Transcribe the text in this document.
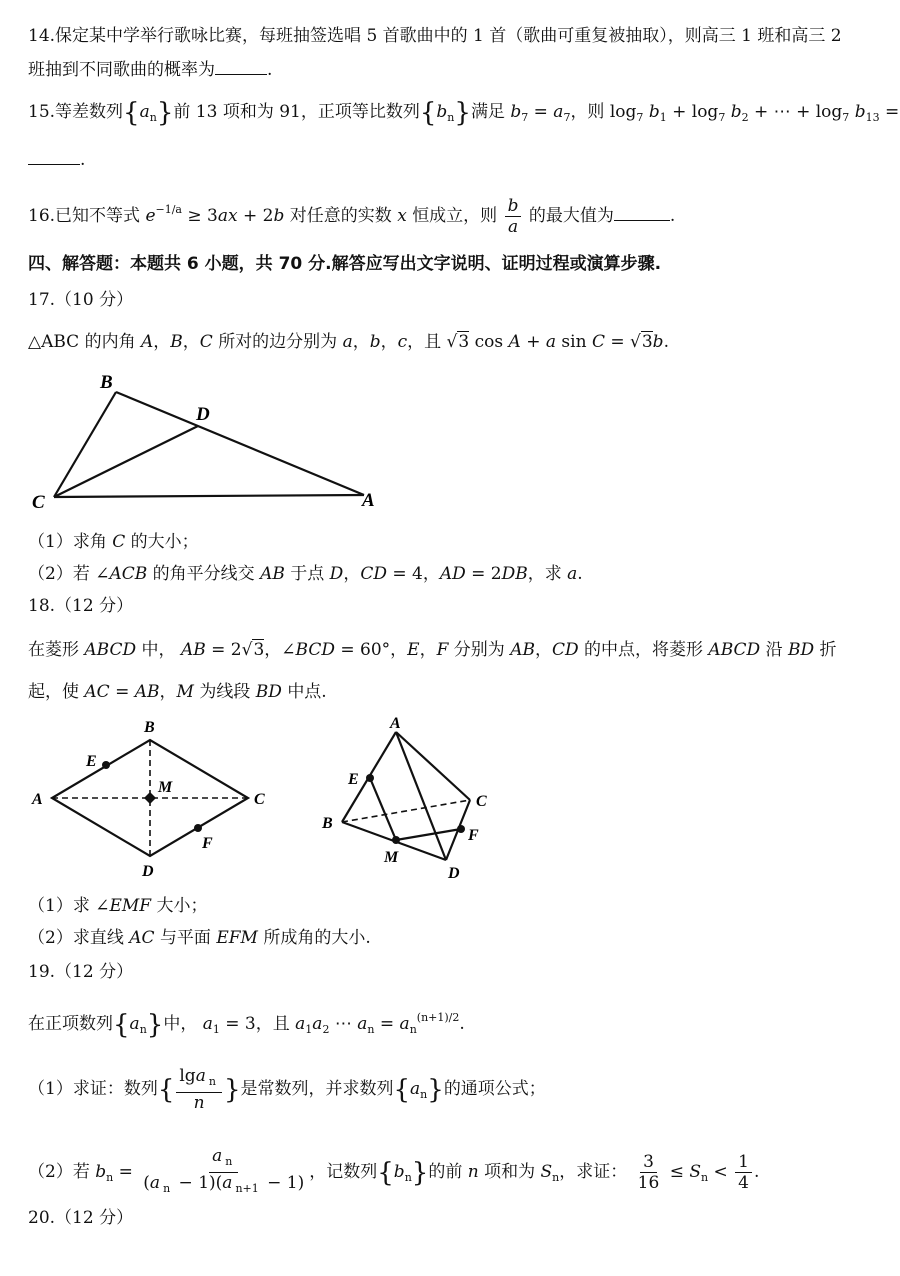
14.保定某中学举行歌咏比赛，每班抽签选唱 5 首歌曲中的 1 首（歌曲可重复被抽取），则高三 1 班和高三 2
班抽到不同歌曲的概率为	.
15.等差数列$\{a_n\}$前 13 项和为 91，正项等比数列$\{b_n\}$满足 $b_7 = a_7$，则 $\log_7 b_1 + \log_7 b_2$ + ⋯ + $\log_7 b_{13}$ =
.
16.已知不等式 $e^{-1/a} \ge 3ax + 2b$ 对任意的实数 x 恒成立，则 $\frac{b}{a}$ 的最大值为	.
四、解答题：本题共 6 小题，共 70 分.解答应写出文字说明、证明过程或演算步骤.
17.（10 分）
△ABC 的内角 A，B，C 所对的边分别为 a，b，c，且 √3 cos A + a sin C = √3b.
B
D
C	A
（1）求角 C 的大小；
（2）若 ∠ACB 的角平分线交 AB 于点 D，CD = 4，AD = 2DB，求 a.
18.（12 分）
在菱形 ABCD 中， AB = 2√3，∠BCD = 60°，E，F 分别为 AB，CD 的中点，将菱形 ABCD 沿 BD 折
起，使 AC = AB，M 为线段 BD 中点.
B
A	C
D
E
F
M
A
E
B
C
F
M
D
（1）求 ∠EMF 大小；
（2）求直线 AC 与平面 EFM 所成角的大小.
19.（12 分）
在正项数列$\{a_n\}$中， $a_1 = 3$，且 $a_1a_2$ ⋯ $a_n = a_n^{(n+1)/2}$.
（1）求证：数列{ $\frac{\lg a _n}{n}$ }是常数列，并求数列$\{a_n\}$的通项公式；
（2）若 $b_n = \frac{a _n}{(a _n - 1)(a _{n+1} - 1)}$ ，记数列$\{b_n\}$的前 n 项和为 $S_n$，求证： $\frac{3}{16} \le S_n < \frac{1}{4}$ .
20.（12 分）
